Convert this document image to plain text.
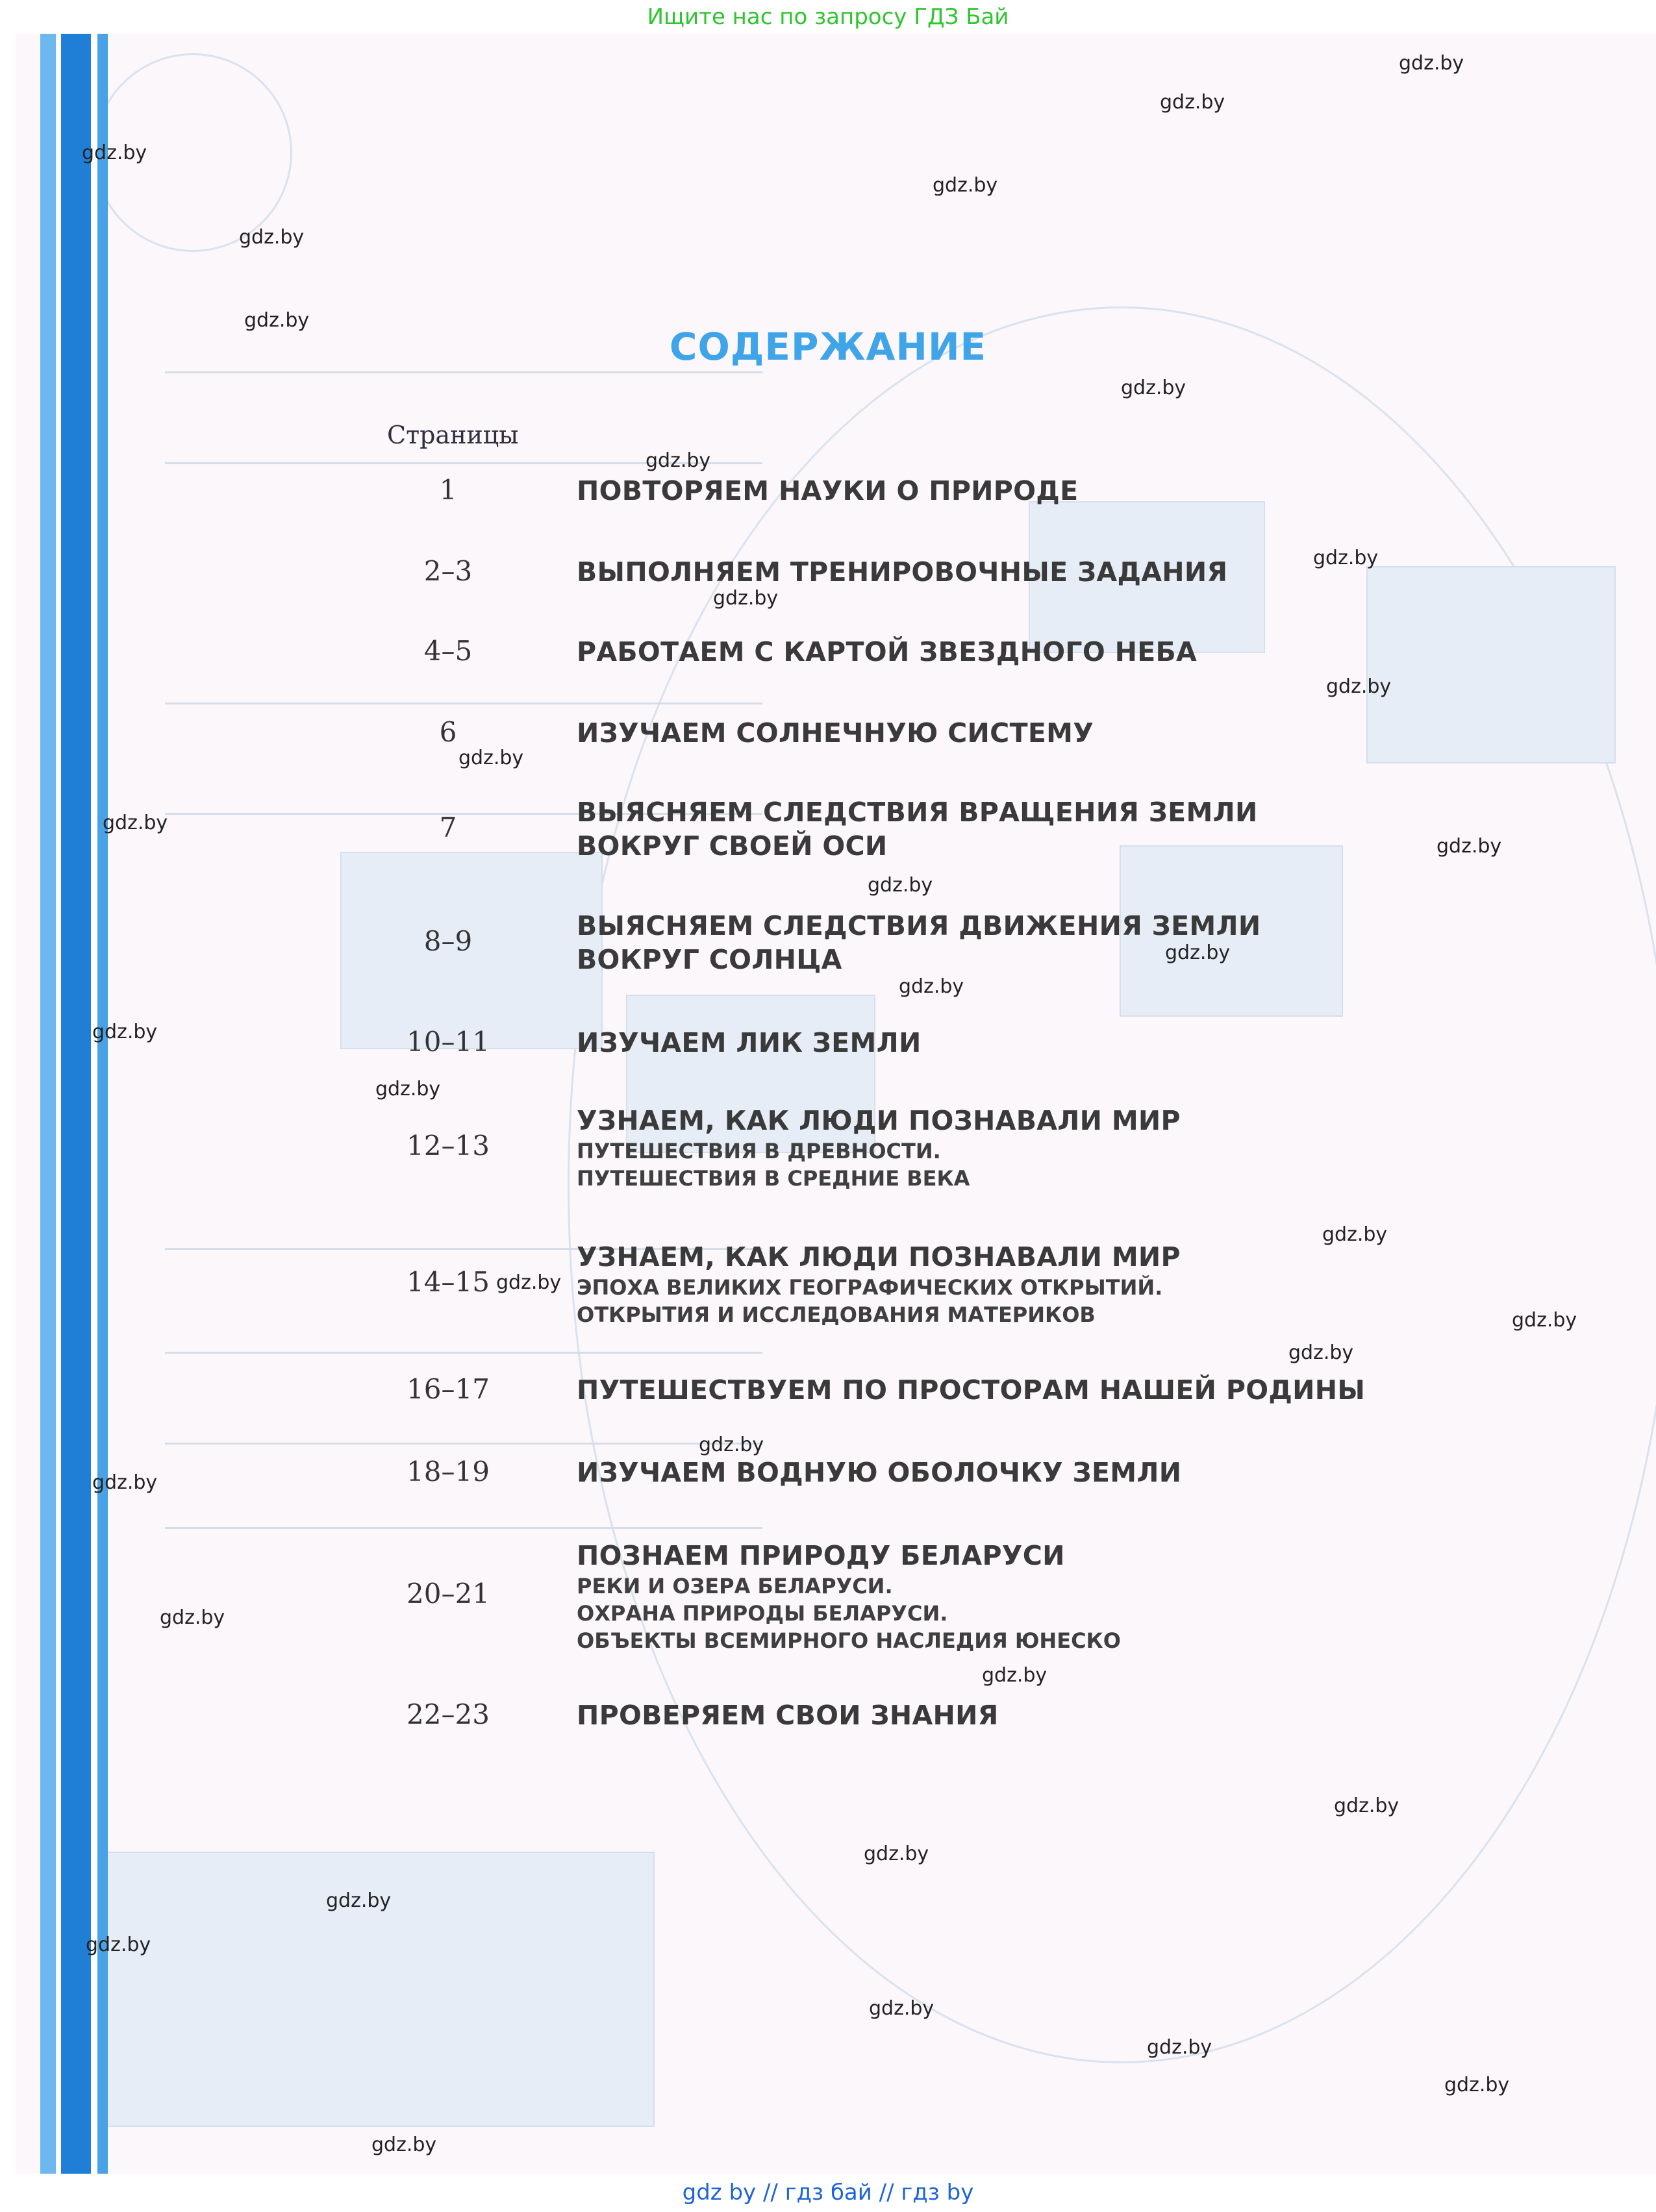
Ищите нас по запросу ГДЗ Бай
СОДЕРЖАНИЕ
Страницы
ПОВТОРЯЕМ НАУКИ О ПРИРОДЕ
1
ВЫПОЛНЯЕМ ТРЕНИРОВОЧНЫЕ ЗАДАНИЯ
2–3
РАБОТАЕМ С КАРТОЙ ЗВЕЗДНОГО НЕБА
4–5
ИЗУЧАЕМ СОЛНЕЧНУЮ СИСТЕМУ
6
ВЫЯСНЯЕМ СЛЕДСТВИЯ ВРАЩЕНИЯ ЗЕМЛИ
ВОКРУГ СВОЕЙ ОСИ
7
ВЫЯСНЯЕМ СЛЕДСТВИЯ ДВИЖЕНИЯ ЗЕМЛИ
ВОКРУГ СОЛНЦА
8–9
ИЗУЧАЕМ ЛИК ЗЕМЛИ
10–11
УЗНАЕМ, КАК ЛЮДИ ПОЗНАВАЛИ МИР
ПУТЕШЕСТВИЯ В ДРЕВНОСТИ.
ПУТЕШЕСТВИЯ В СРЕДНИЕ ВЕКА
12–13
УЗНАЕМ, КАК ЛЮДИ ПОЗНАВАЛИ МИР
ЭПОХА ВЕЛИКИХ ГЕОГРАФИЧЕСКИХ ОТКРЫТИЙ.
ОТКРЫТИЯ И ИССЛЕДОВАНИЯ МАТЕРИКОВ
14–15
ПУТЕШЕСТВУЕМ ПО ПРОСТОРАМ НАШЕЙ РОДИНЫ
16–17
ИЗУЧАЕМ ВОДНУЮ ОБОЛОЧКУ ЗЕМЛИ
18–19
ПОЗНАЕМ ПРИРОДУ БЕЛАРУСИ
РЕКИ И ОЗЕРА БЕЛАРУСИ.
ОХРАНА ПРИРОДЫ БЕЛАРУСИ.
ОБЪЕКТЫ ВСЕМИРНОГО НАСЛЕДИЯ ЮНЕСКО
20–21
ПРОВЕРЯЕМ СВОИ ЗНАНИЯ
22–23
gdz.by
gdz.by
gdz.by
gdz.by
gdz.by
gdz.by
gdz.by
gdz.by
gdz.by
gdz.by
gdz.by
gdz.by
gdz.by
gdz.by
gdz.by
gdz.by
gdz.by
gdz.by
gdz.by
gdz.by
gdz.by
gdz.by
gdz.by
gdz.by
gdz.by
gdz.by
gdz.by
gdz.by
gdz.by
gdz.by
gdz.by
gdz.by
gdz.by
gdz.by
gdz.by
gdz by // гдз бай // гдз by
